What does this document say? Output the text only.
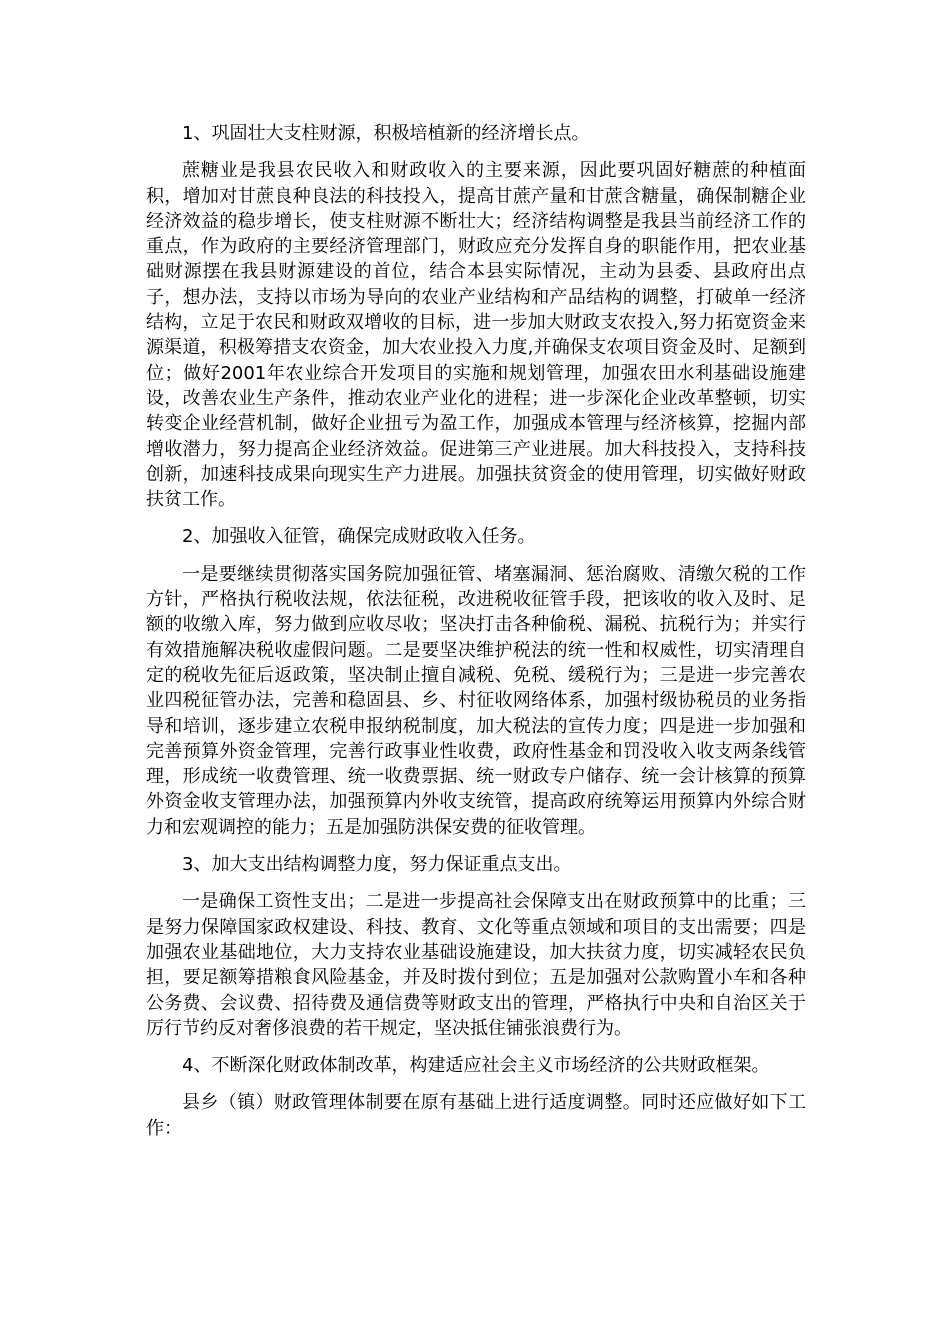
1、巩固壮大支柱财源，积极培植新的经济增长点。

蔗糖业是我县农民收入和财政收入的主要来源，因此要巩固好糖蔗的种植面积，增加对甘蔗良种良法的科技投入，提高甘蔗产量和甘蔗含糖量，确保制糖企业经济效益的稳步增长，使支柱财源不断壮大；经济结构调整是我县当前经济工作的重点，作为政府的主要经济管理部门，财政应充分发挥自身的职能作用，把农业基础财源摆在我县财源建设的首位，结合本县实际情况，主动为县委、县政府出点子，想办法，支持以市场为导向的农业产业结构和产品结构的调整，打破单一经济结构，立足于农民和财政双增收的目标，进一步加大财政支农投入,努力拓宽资金来源渠道，积极筹措支农资金，加大农业投入力度,并确保支农项目资金及时、足额到位；做好2001年农业综合开发项目的实施和规划管理，加强农田水利基础设施建设，改善农业生产条件，推动农业产业化的进程；进一步深化企业改革整顿，切实转变企业经营机制，做好企业扭亏为盈工作，加强成本管理与经济核算，挖掘内部增收潜力，努力提高企业经济效益。促进第三产业进展。加大科技投入，支持科技创新，加速科技成果向现实生产力进展。加强扶贫资金的使用管理，切实做好财政扶贫工作。

2、加强收入征管，确保完成财政收入任务。

一是要继续贯彻落实国务院加强征管、堵塞漏洞、惩治腐败、清缴欠税的工作方针，严格执行税收法规，依法征税，改进税收征管手段，把该收的收入及时、足额的收缴入库，努力做到应收尽收；坚决打击各种偷税、漏税、抗税行为；并实行有效措施解决税收虚假问题。二是要坚决维护税法的统一性和权威性，切实清理自定的税收先征后返政策，坚决制止擅自减税、免税、缓税行为；三是进一步完善农业四税征管办法，完善和稳固县、乡、村征收网络体系，加强村级协税员的业务指导和培训，逐步建立农税申报纳税制度，加大税法的宣传力度；四是进一步加强和完善预算外资金管理，完善行政事业性收费，政府性基金和罚没收入收支两条线管理，形成统一收费管理、统一收费票据、统一财政专户储存、统一会计核算的预算外资金收支管理办法，加强预算内外收支统管，提高政府统筹运用预算内外综合财力和宏观调控的能力；五是加强防洪保安费的征收管理。

3、加大支出结构调整力度，努力保证重点支出。

一是确保工资性支出；二是进一步提高社会保障支出在财政预算中的比重；三是努力保障国家政权建设、科技、教育、文化等重点领域和项目的支出需要；四是加强农业基础地位，大力支持农业基础设施建设，加大扶贫力度，切实减轻农民负担，要足额筹措粮食风险基金，并及时拨付到位；五是加强对公款购置小车和各种公务费、会议费、招待费及通信费等财政支出的管理，严格执行中央和自治区关于厉行节约反对奢侈浪费的若干规定，坚决抵住铺张浪费行为。

4、不断深化财政体制改革，构建适应社会主义市场经济的公共财政框架。

县乡（镇）财政管理体制要在原有基础上进行适度调整。同时还应做好如下工作：
